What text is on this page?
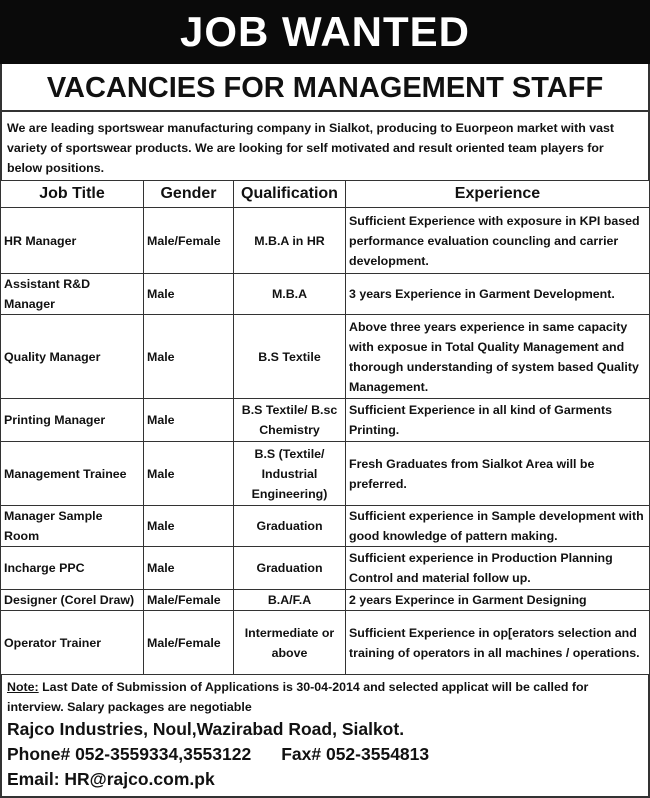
JOB WANTED
VACANCIES FOR MANAGEMENT STAFF
We are leading sportswear manufacturing company in Sialkot, producing to Euorpeon market with vast
variety of sportswear products. We are looking for self motivated and result oriented team players for
below positions.
Job Title	Gender	Qualification	Experience
HR Manager	Male/Female	M.B.A in HR	Sufficient Experience with exposure in KPI based performance evaluation councling and carrier development.
Assistant R&D Manager	Male	M.B.A	3 years Experience in Garment Development.
Quality Manager	Male	B.S Textile	Above three years experience in same capacity with exposue in Total Quality Management and thorough understanding of system based Quality Management.
Printing Manager	Male	B.S Textile/ B.sc Chemistry	Sufficient Experience in all kind of Garments Printing.
Management Trainee	Male	B.S (Textile/ Industrial Engineering)	Fresh Graduates from Sialkot Area will be preferred.
Manager Sample Room	Male	Graduation	Sufficient experience in Sample development with good knowledge of pattern making.
Incharge PPC	Male	Graduation	Sufficient experience in Production Planning Control and material follow up.
Designer (Corel Draw)	Male/Female	B.A/F.A	2 years Experince in Garment Designing
Operator Trainer	Male/Female	Intermediate or above	Sufficient Experience in op[erators selection and training of operators in all machines / operations.
Note: Last Date of Submission of Applications is 30-04-2014 and selected applicat will be called for interview. Salary packages are negotiable
Rajco Industries, Noul,Wazirabad Road, Sialkot.
Phone# 052-3559334,3553122 Fax# 052-3554813
Email: HR@rajco.com.pk
